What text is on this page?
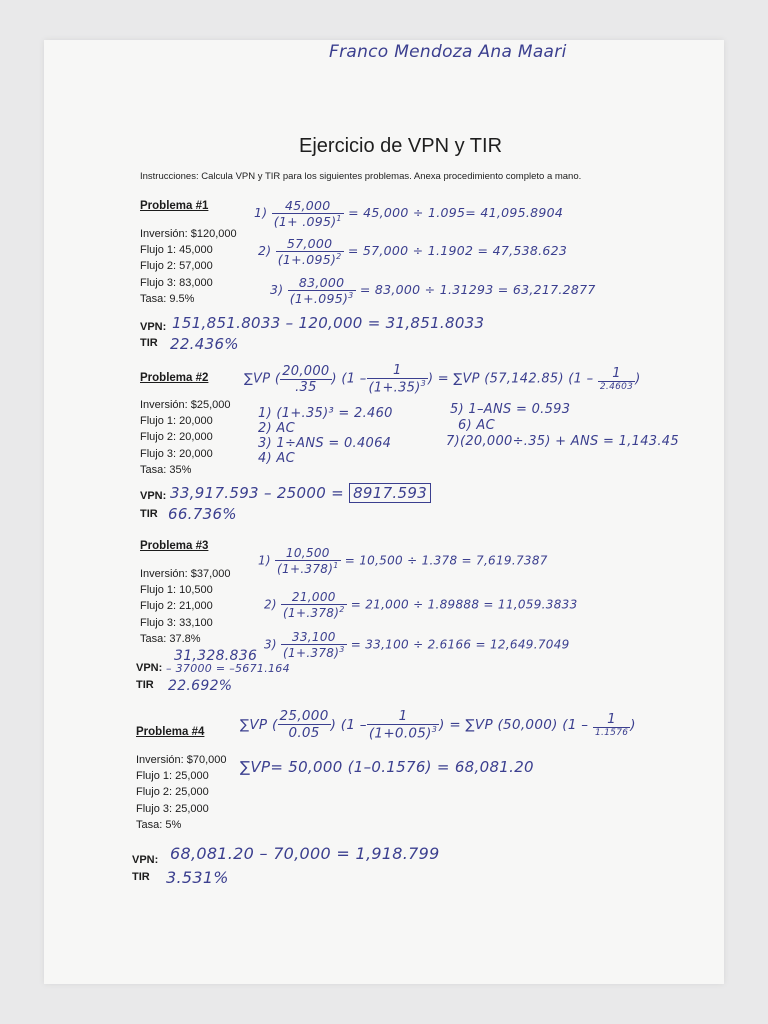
Franco Mendoza Ana Maari
Ejercicio de VPN y TIR
Instrucciones: Calcula VPN y TIR para los siguientes problemas. Anexa procedimiento completo a mano.
Problema #1
Inversión: $120,000
Flujo 1: 45,000
Flujo 2: 57,000
Flujo 3: 83,000
Tasa: 9.5%
$1) \frac{45,000}{(1+ .095)^1} = 45,000 \div 1.095= 41,095.8904$
$2) \frac{57,000}{(1+.095)^2} = 57,000 \div 1.1902 = 47,538.623$
$3) \frac{83,000}{(1+.095)^3} = 83,000 \div 1.31293 = 63,217.2877$
VPN: 151,851.8033 – 120,000 = 31,851.8033
TIR 22.436%
Problema #2
Inversión: $25,000
Flujo 1: 20,000
Flujo 2: 20,000
Flujo 3: 20,000
Tasa: 35%
∑VP ( $\frac{20,000}{.35}$ ) ($1 - \frac{1}{(1+.35)^3}$ ) = ∑VP (57,142.85) ($1 - \frac{1}{2.4603}$ )
1) (1+.35)³ = 2.460
2) AC
3) 1÷ANS = 0.4064
4) AC
5) 1–ANS = 0.593
6) AC
7)(20,000÷.35) + ANS = 1,143.45
VPN: 33,917.593 – 25000 = 8917.593
TIR 66.736%
Problema #3
Inversión: $37,000
Flujo 1: 10,500
Flujo 2: 21,000
Flujo 3: 33,100
Tasa: 37.8%
$1) \frac{10,500}{(1+.378)^1} = 10,500 \div 1.378 = 7,619.7387$
$2) \frac{21,000}{(1+.378)^2} = 21,000 \div 1.89888 = 11,059.3833$
$3) \frac{33,100}{(1+.378)^3} = 33,100 \div 2.6166 = 12,649.7049$
31,328.836
VPN: – 37000 = –5671.164
TIR 22.692%
Problema #4
Inversión: $70,000
Flujo 1: 25,000
Flujo 2: 25,000
Flujo 3: 25,000
Tasa: 5%
∑VP ( $\frac{25,000}{0.05}$ ) ($1 - \frac{1}{(1+0.05)^3}$ ) = ∑VP (50,000) ($1 - \frac{1}{1.1576}$ )
∑VP= 50,000 (1–0.1576) = 68,081.20
VPN: 68,081.20 – 70,000 = 1,918.799
TIR 3.531%
